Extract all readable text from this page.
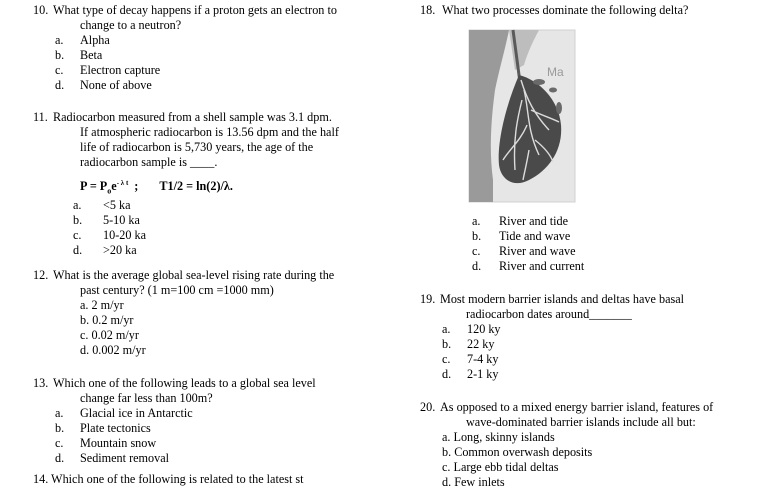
10. What type of decay happens if a proton gets an electron to
change to a neutron?
a. Alpha
b. Beta
c. Electron capture
d. None of above
11. Radiocarbon measured from a shell sample was 3.1 dpm.
If atmospheric radiocarbon is 13.56 dpm and the half
life of radiocarbon is 5,730 years, the age of the
radiocarbon sample is ____.
$P = P_oe^{- \lambda t}$ ; T1/2 = ln(2)/λ.
a. <5 ka
b. 5-10 ka
c. 10-20 ka
d. >20 ka
12. What is the average global sea-level rising rate during the
past century? (1 m=100 cm =1000 mm)
a. 2 m/yr
b. 0.2 m/yr
c. 0.02 m/yr
d. 0.002 m/yr
13. Which one of the following leads to a global sea level
change far less than 100m?
a. Glacial ice in Antarctic
b. Plate tectonics
c. Mountain snow
d. Sediment removal
14. Which one of the following is related to the latest st
18. What two processes dominate the following delta?
Ma
a. River and tide
b. Tide and wave
c. River and wave
d. River and current
19. Most modern barrier islands and deltas have basal
radiocarbon dates around_______
a. 120 ky
b. 22 ky
c. 7-4 ky
d. 2-1 ky
20. As opposed to a mixed energy barrier island, features of
wave-dominated barrier islands include all but:
a. Long, skinny islands
b. Common overwash deposits
c. Large ebb tidal deltas
d. Few inlets
